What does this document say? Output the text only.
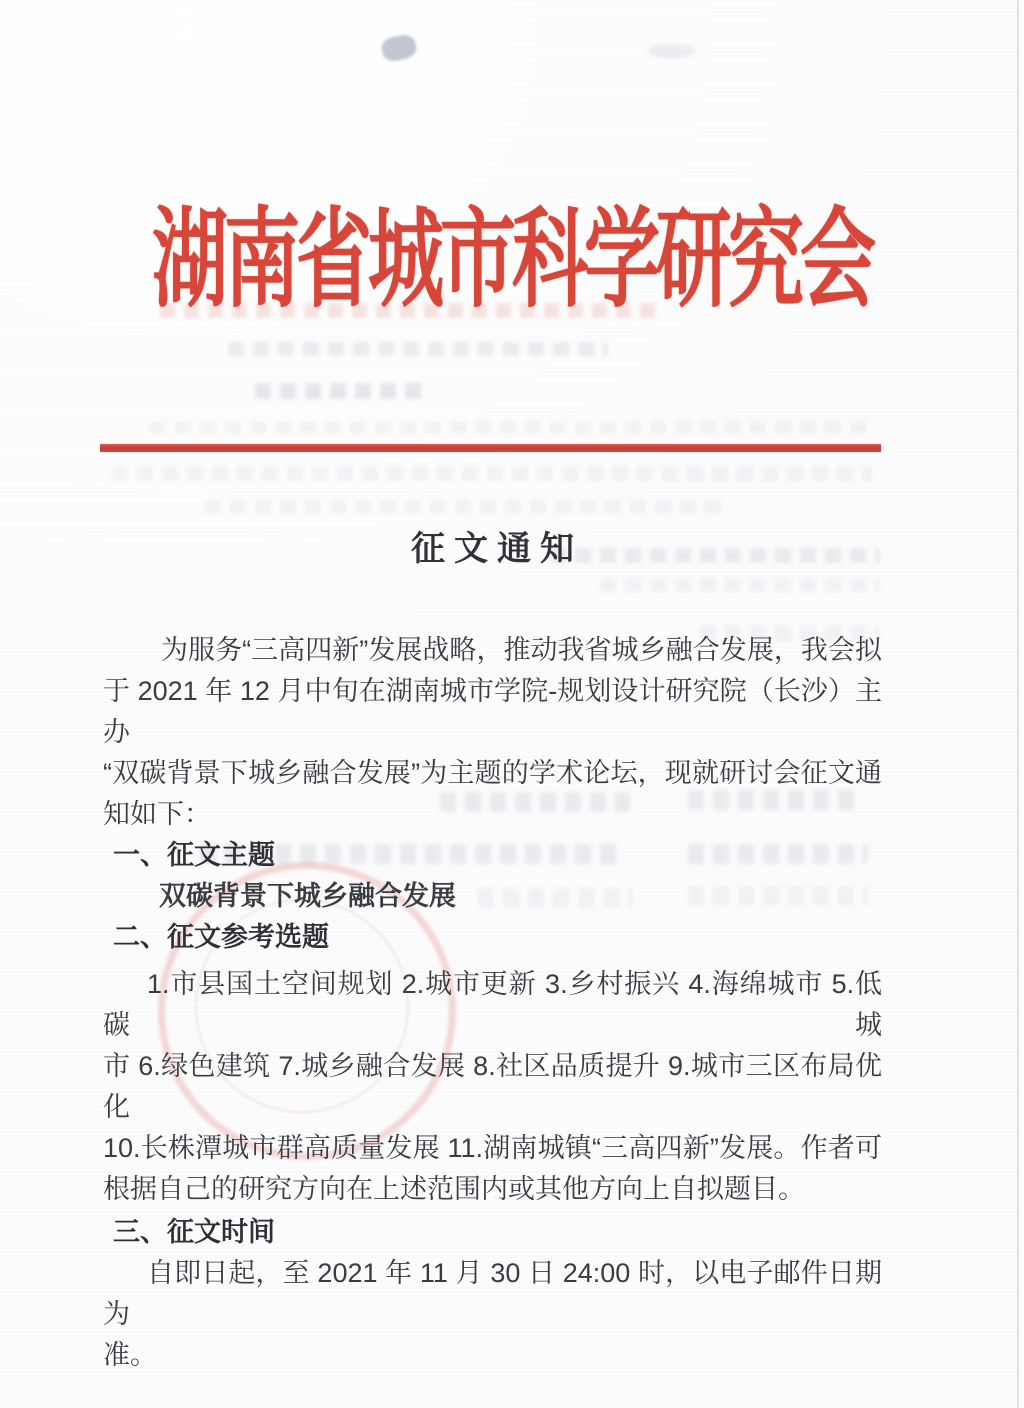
湖南省城市科学研究会
征文通知

为服务“三高四新”发展战略，推动我省城乡融合发展，我会拟

于 2021 年 12 月中旬在湖南城市学院-规划设计研究院（长沙）主办

“双碳背景下城乡融合发展”为主题的学术论坛，现就研讨会征文通

知如下：

一、征文主题

双碳背景下城乡融合发展

二、征文参考选题

1.市县国土空间规划 2.城市更新 3.乡村振兴 4.海绵城市 5.低碳城

市 6.绿色建筑 7.城乡融合发展 8.社区品质提升 9.城市三区布局优化

10.长株潭城市群高质量发展 11.湖南城镇“三高四新”发展。作者可

根据自己的研究方向在上述范围内或其他方向上自拟题目。

三、征文时间

自即日起，至 2021 年 11 月 30 日 24:00 时，以电子邮件日期为

准。
